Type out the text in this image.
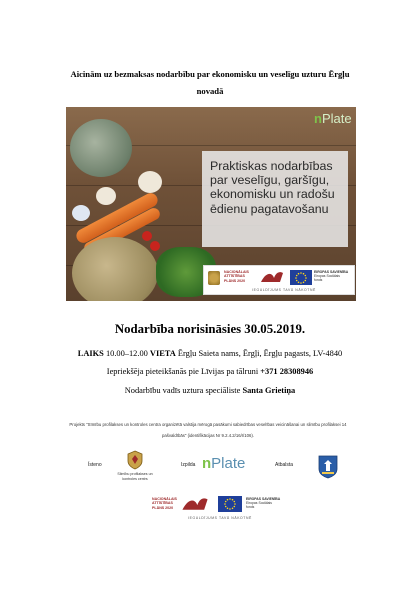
Aicinām uz bezmaksas nodarbību par ekonomisku un veselīgu uzturu Ērgļu
novadā
nPlate

Praktiskas nodarbības

par veselīgu, garšīgu,

ekonomisku un radošu

ēdienu pagatavošanu

NACIONĀLAIS
ATTĪSTĪBAS
PLĀNS 2020
EIROPAS SAVIENĪBA
Eiropas Sociālais
fonds
IEGULDĪJUMS TAVĀ NĀKOTNĒ
Nodarbība norisināsies 30.05.2019.
LAIKS 10.00–12.00 VIETA Ērgļu Saieta nams, Ērgļi, Ērgļu pagasts, LV-4840
Iepriekšēja pieteikšanās pie Līvijas pa tālruni +371 28308946
Nodarbību vadīs uztura speciāliste Santa Grietiņa
Projekts "Sīmību profilakses un kontroles centra organizētā valstija mērogā pasākumi sabiedrības veselības veicināšanai un slimību profilaksei 14
pašvaldībās" (identifikācijas Nr 9.2.4.2/16/I/106).
Īsteno
Slimību profilakses un
kontroles centrs
Izpilda nPlate	Atbalsta
NACIONĀLAIS
ATTĪSTĪBAS
PLĀNS 2020
EIROPAS SAVIENĪBA
Eiropas Sociālais
fonds
IEGULDĪJUMS TAVĀ NĀKOTNĒ
